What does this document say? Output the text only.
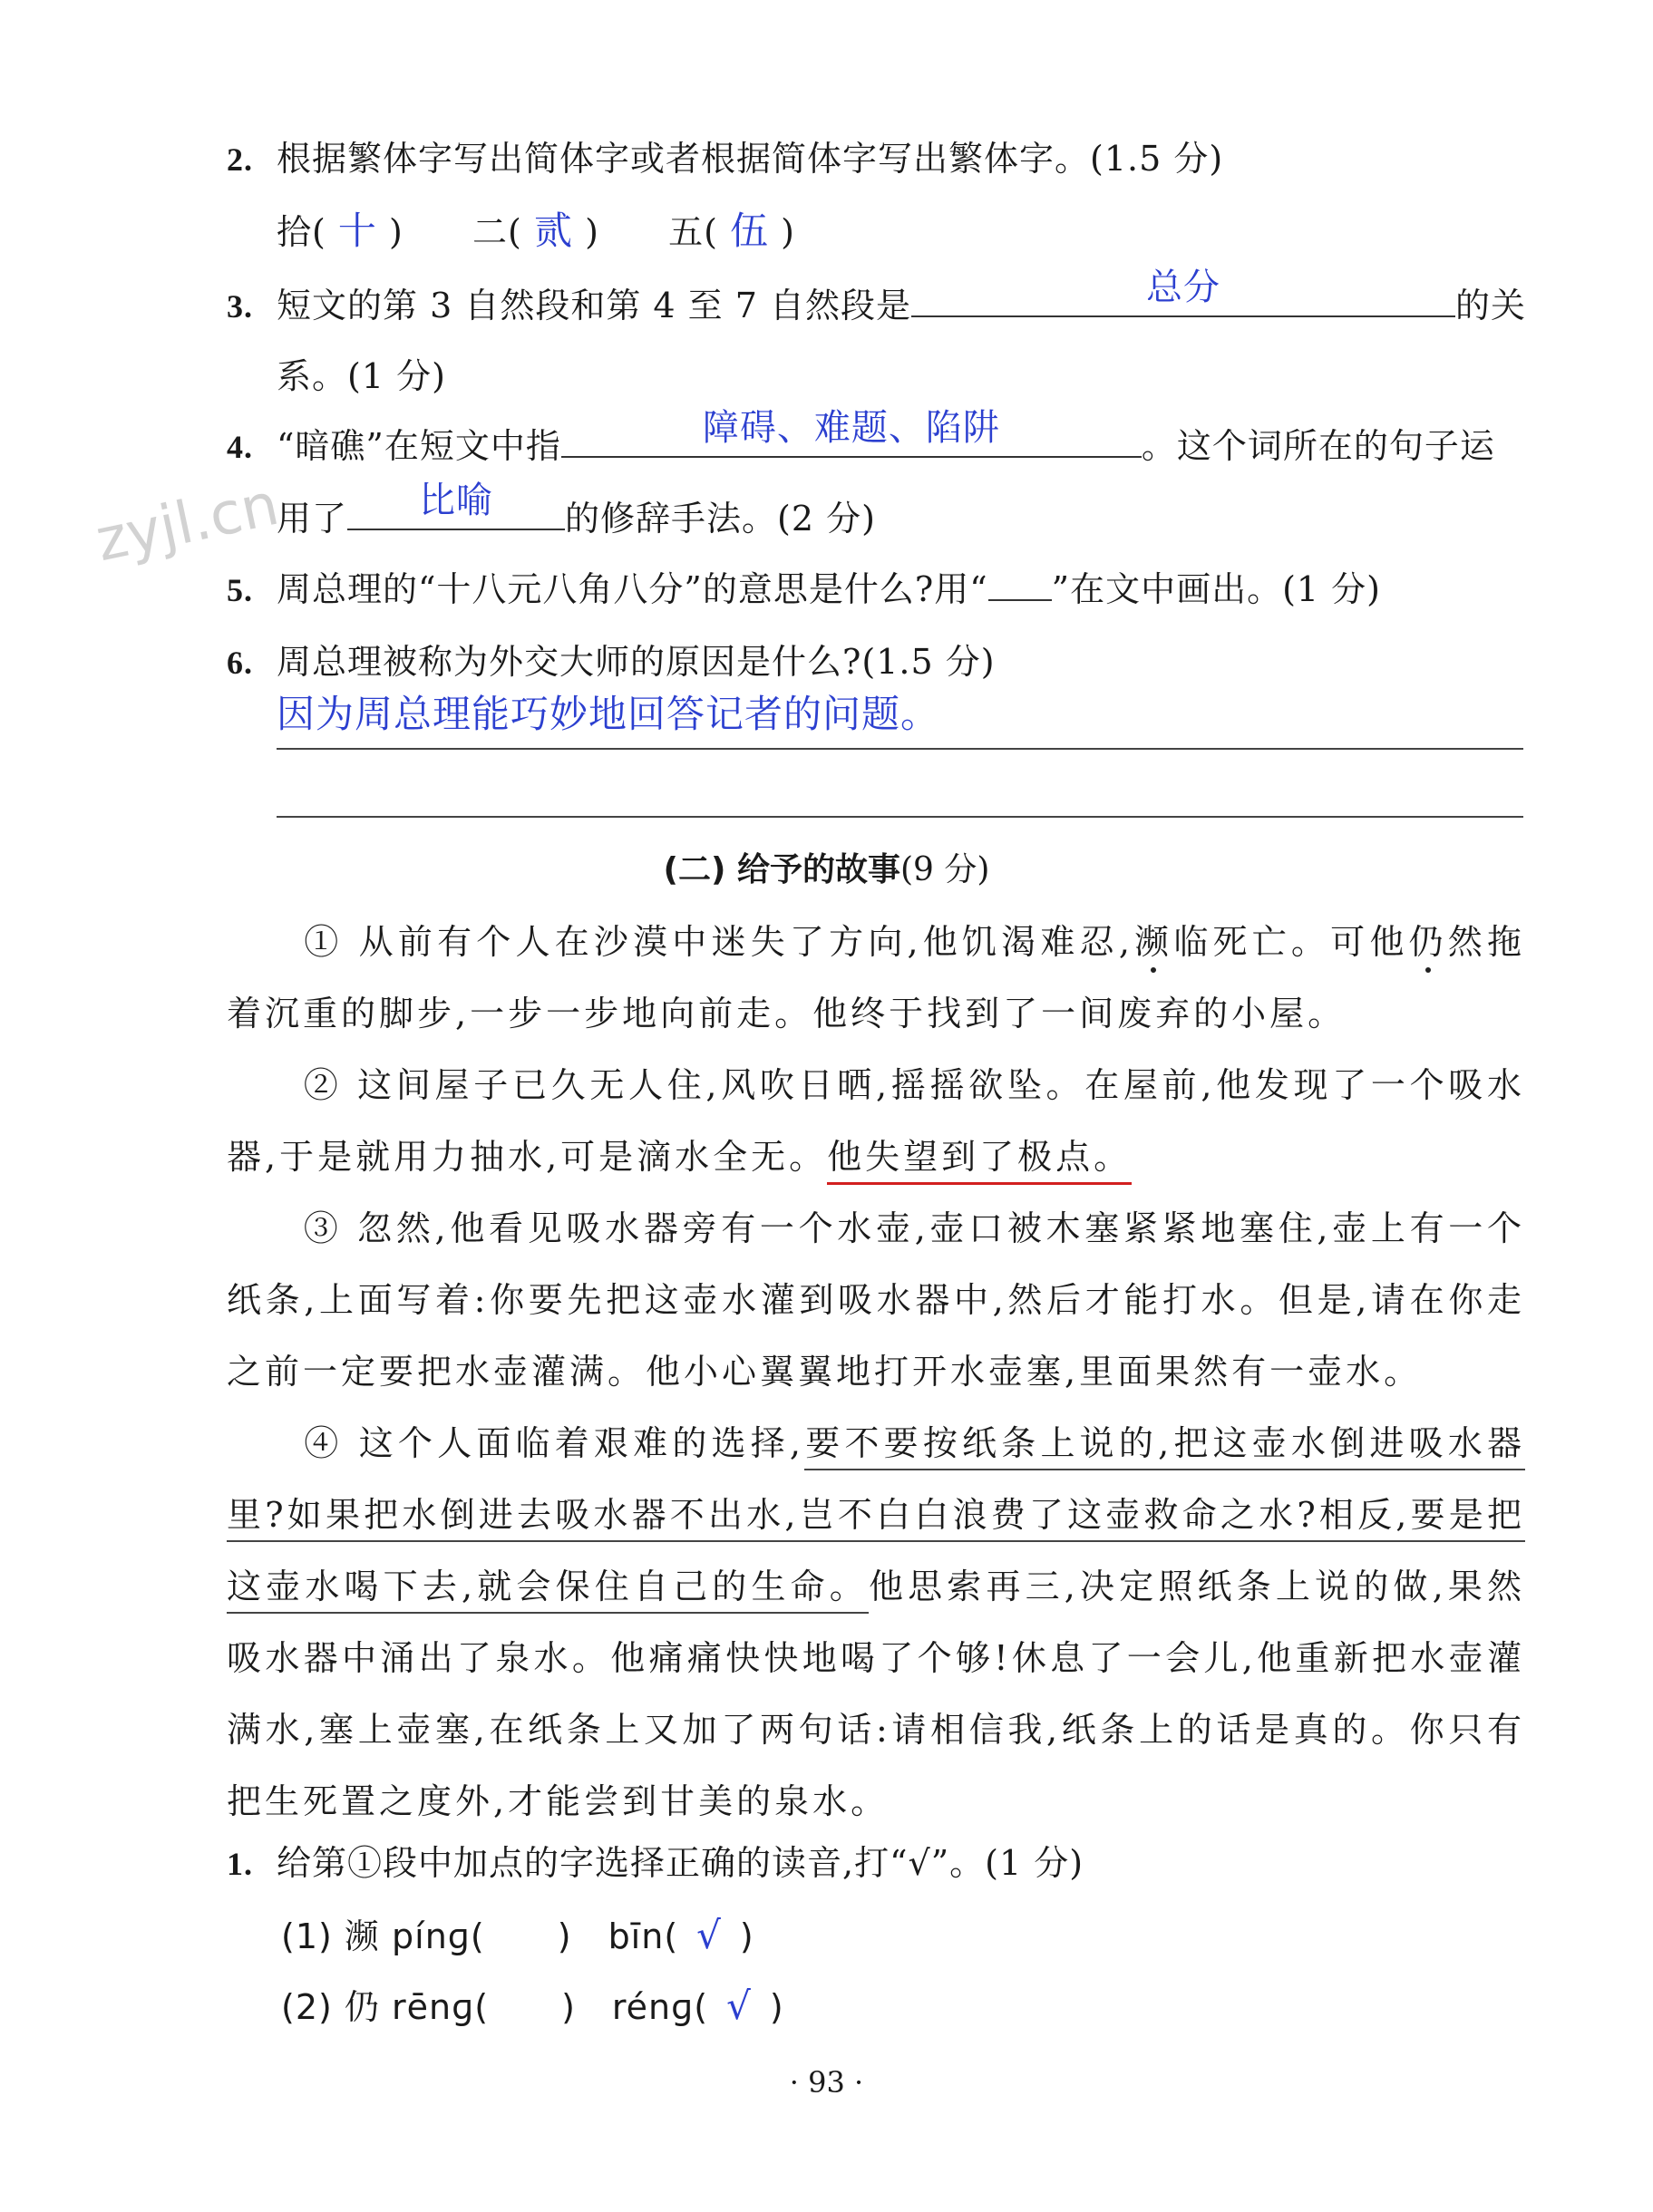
zyjl.cn
2. 根据繁体字写出简体字或者根据简体字写出繁体字。(1.5 分)
拾( 十 ) 二( 贰 ) 五( 伍 )
3. 短文的第 3 自然段和第 4 至 7 自然段是	总分	的关
系。(1 分)
4. “暗礁”在短文中指	障碍、难题、陷阱	。这个词所在的句子运
用了	比喻	的修辞手法。(2 分)
5. 周总理的“十八元八角八分”的意思是什么?用“ ”在文中画出。(1 分)
6. 周总理被称为外交大师的原因是什么?(1.5 分)
因为周总理能巧妙地回答记者的问题。
(二) 给予的故事(9 分)
① 从前有个人在沙漠中迷失了方向,他饥渴难忍,濒临死亡。可他仍然拖着沉重的脚步,一步一步地向前走。他终于找到了一间废弃的小屋。
② 这间屋子已久无人住,风吹日晒,摇摇欲坠。在屋前,他发现了一个吸水器,于是就用力抽水,可是滴水全无。他失望到了极点。
③ 忽然,他看见吸水器旁有一个水壶,壶口被木塞紧紧地塞住,壶上有一个纸条,上面写着:你要先把这壶水灌到吸水器中,然后才能打水。但是,请在你走之前一定要把水壶灌满。他小心翼翼地打开水壶塞,里面果然有一壶水。
④ 这个人面临着艰难的选择,要不要按纸条上说的,把这壶水倒进吸水器里?如果把水倒进去吸水器不出水,岂不白白浪费了这壶救命之水?相反,要是把这壶水喝下去,就会保住自己的生命。他思索再三,决定照纸条上说的做,果然吸水器中涌出了泉水。他痛痛快快地喝了个够!休息了一会儿,他重新把水壶灌满水,塞上壶塞,在纸条上又加了两句话:请相信我,纸条上的话是真的。你只有把生死置之度外,才能尝到甘美的泉水。
1. 给第①段中加点的字选择正确的读音,打“√”。(1 分)
(1) 濒 pínɡ( ) bīn( √ )
(2) 仍 rēnɡ( ) rénɡ( √ )
· 93 ·
